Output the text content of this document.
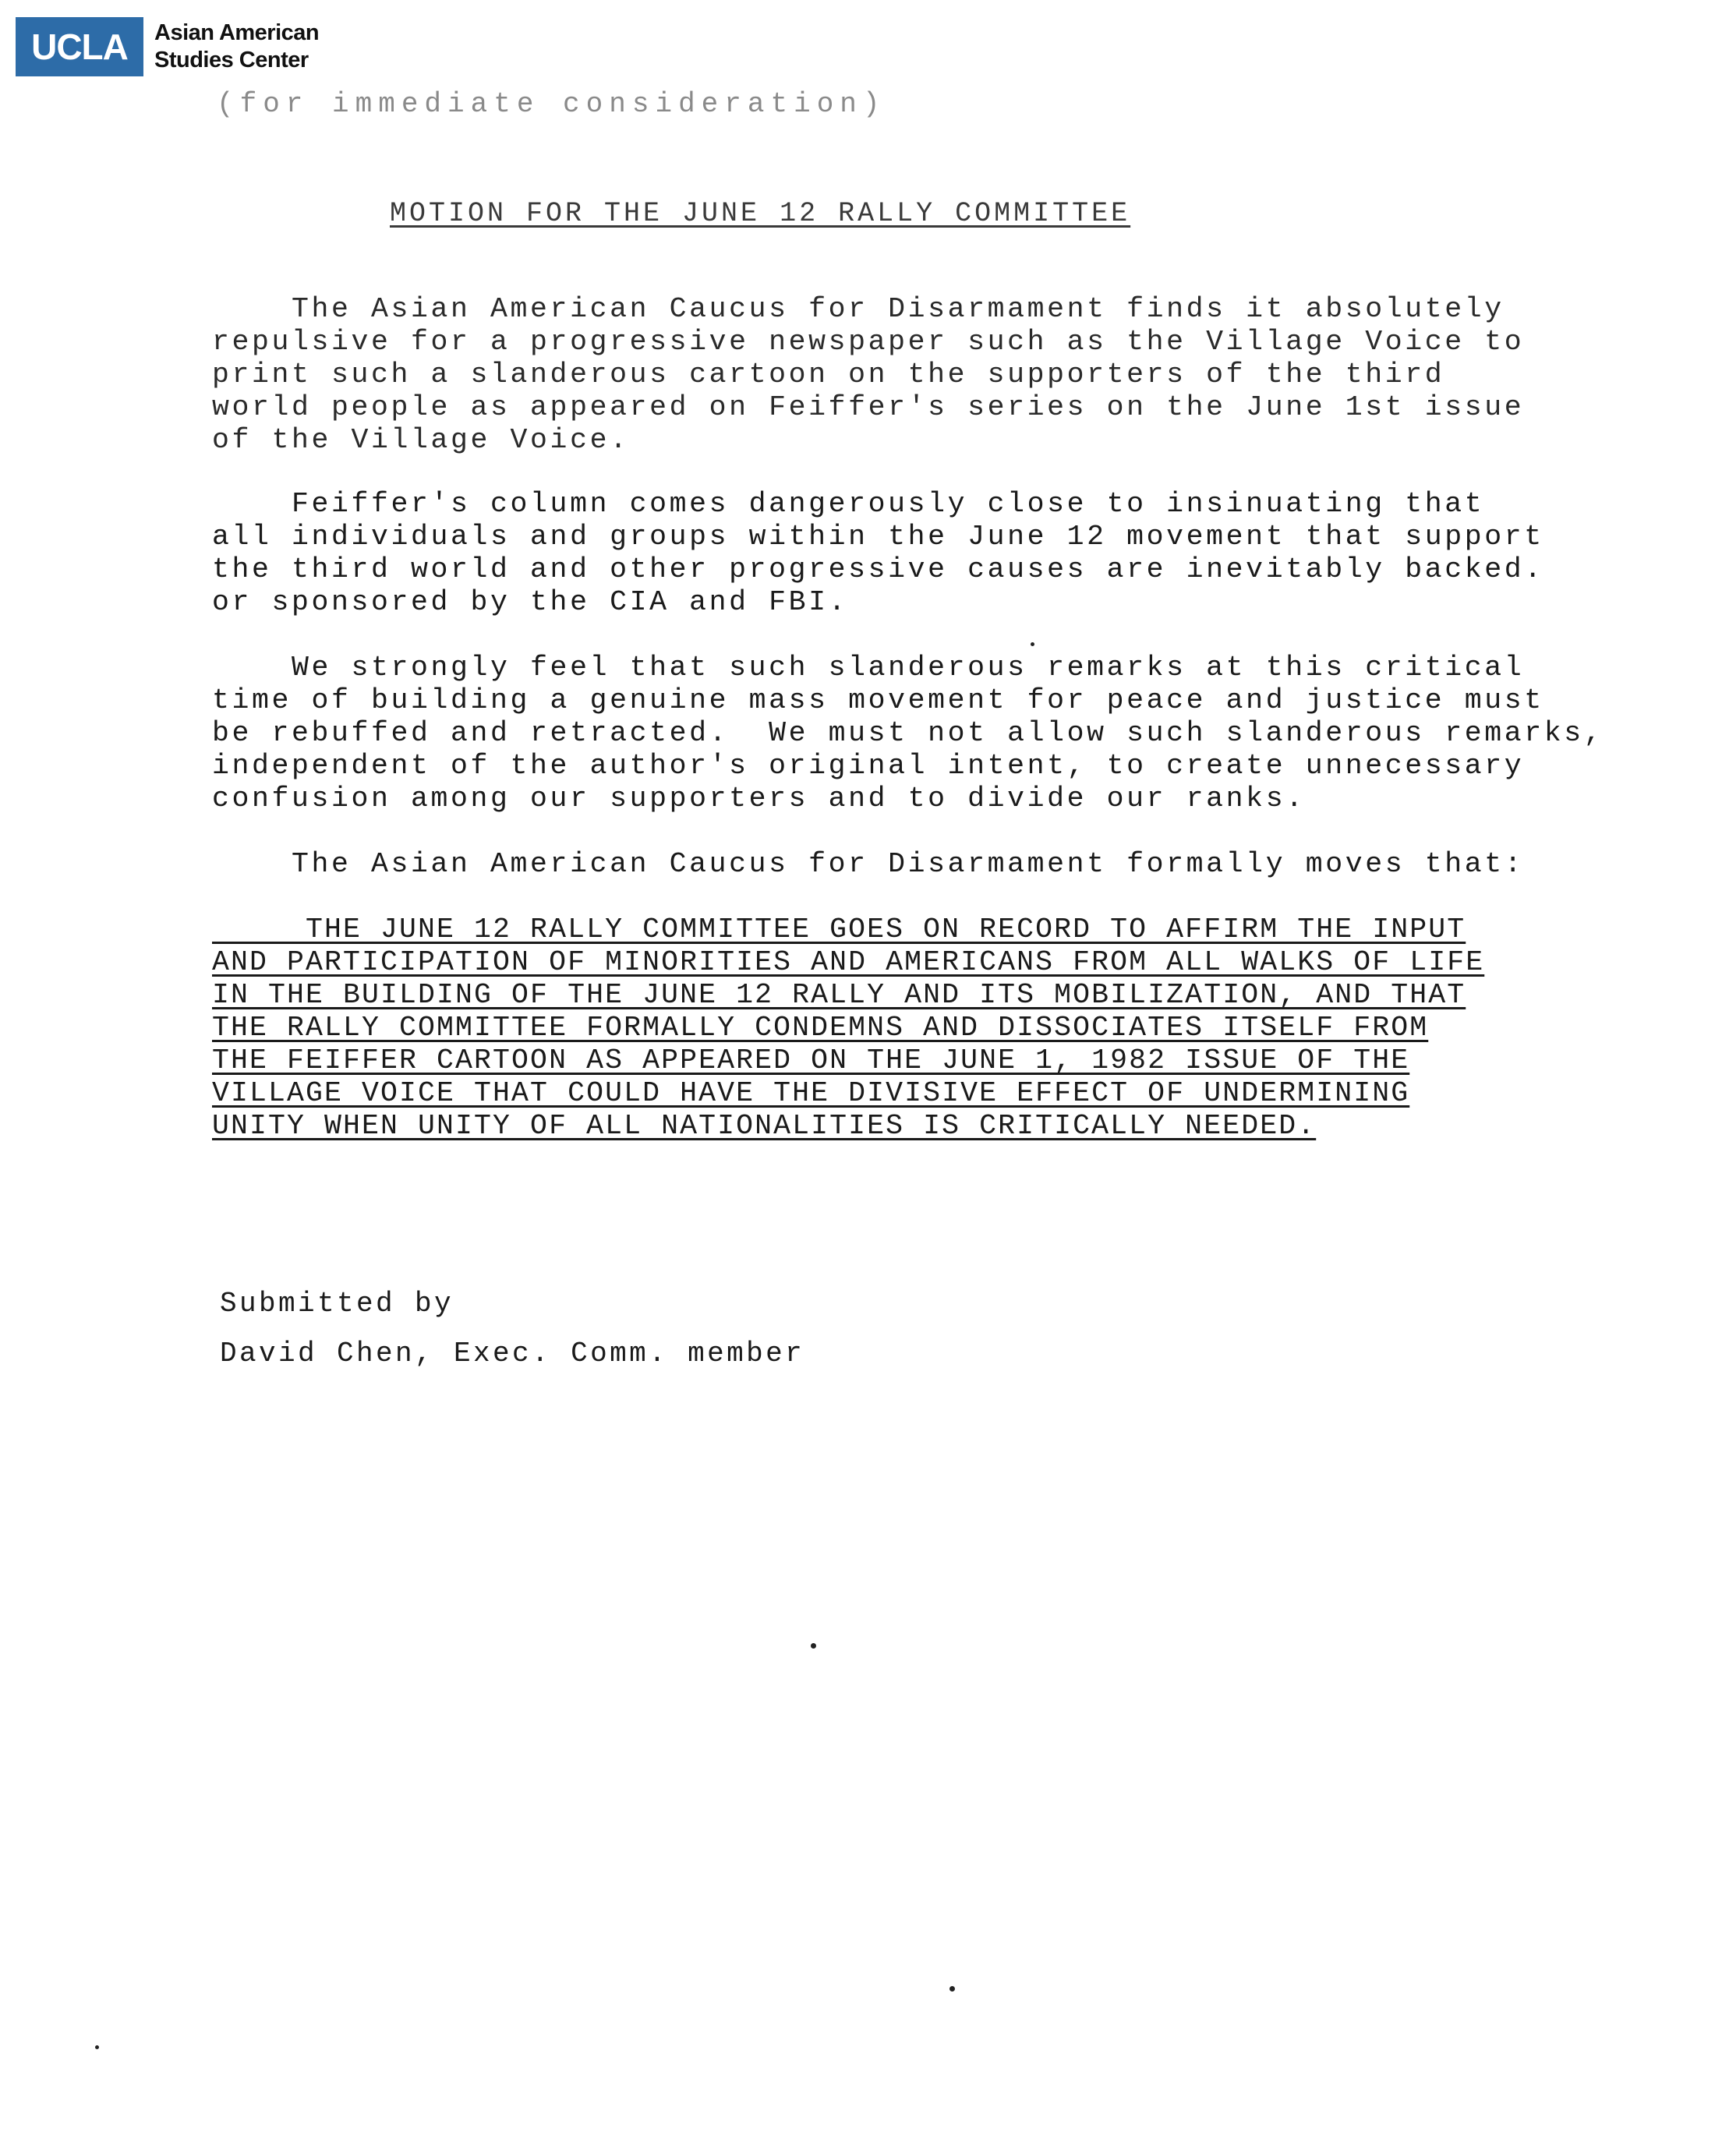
UCLA	Asian American
Studies Center
(for immediate consideration)
MOTION FOR THE JUNE 12 RALLY COMMITTEE

The Asian American Caucus for Disarmament finds it absolutely
repulsive for a progressive newspaper such as the Village Voice to
print such a slanderous cartoon on the supporters of the third
world people as appeared on Feiffer's series on the June 1st issue
of the Village Voice.

Feiffer's column comes dangerously close to insinuating that
all individuals and groups within the June 12 movement that support
the third world and other progressive causes are inevitably backed.
or sponsored by the CIA and FBI.

We strongly feel that such slanderous remarks at this critical
time of building a genuine mass movement for peace and justice must
be rebuffed and retracted.  We must not allow such slanderous remarks,
independent of the author's original intent, to create unnecessary
confusion among our supporters and to divide our ranks.

The Asian American Caucus for Disarmament formally moves that:

THE JUNE 12 RALLY COMMITTEE GOES ON RECORD TO AFFIRM THE INPUT
AND PARTICIPATION OF MINORITIES AND AMERICANS FROM ALL WALKS OF LIFE
IN THE BUILDING OF THE JUNE 12 RALLY AND ITS MOBILIZATION, AND THAT
THE RALLY COMMITTEE FORMALLY CONDEMNS AND DISSOCIATES ITSELF FROM
THE FEIFFER CARTOON AS APPEARED ON THE JUNE 1, 1982 ISSUE OF THE
VILLAGE VOICE THAT COULD HAVE THE DIVISIVE EFFECT OF UNDERMINING
UNITY WHEN UNITY OF ALL NATIONALITIES IS CRITICALLY NEEDED.

Submitted by
David Chen, Exec. Comm. member
